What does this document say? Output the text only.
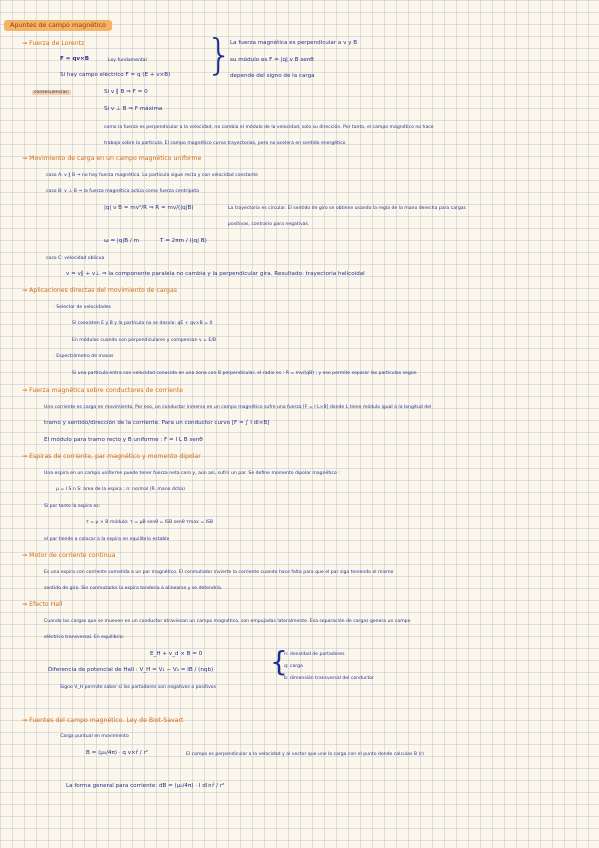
Apuntes de campo magnético
→ Fuerza de Lorentz
F = qv×B	Ley fundamental
Si hay campo eléctrico F = q (E + v×B) }
La fuerza magnética es perpendicular a v y B
su módulo es F = |q| v B senθ
depende del signo de la carga
consecuencias:	Si v ∥ B ⇒ F = 0
Si v ⊥ B ⇒ F máxima
como la fuerza es perpendicular a la velocidad, no cambia el módulo de la velocidad, solo su dirección. Por tanto, el campo magnético no hace
trabajo sobre la partícula. El campo magnético curva trayectorias, pero no acelera en sentido energético
→ Movimiento de carga en un campo magnético uniforme
caso A: v ∥ B ⇒ no hay fuerza magnética. La partícula sigue recta y con velocidad constante
caso B: v ⊥ B ⇒ la fuerza magnética actúa como fuerza centrípeta
|q| v B = mv²/R ⇒ R = mv/(|q|B)	La trayectoria es circular. El sentido de giro se obtiene usando la regla de la mano derecha para cargas
positivas, contrario para negativas.
ω = |q|B / m	T = 2πm / (|q| B)
caso C: velocidad oblicua
v = v∥ + v⊥ ⇒ la componente paralela no cambia y la perpendicular gira. Resultado: trayectoria helicoidal
→ Aplicaciones directas del movimiento de cargas
◦ Selector de velocidades
Si coexisten E y B y la partícula no se desvía: qE + qv×B = 0
En módulos cuando son perpendiculares y compensan v = E/B
◦ Espectrómetro de masas
Si una partícula entra con velocidad conocida en una zona con B perpendicular, el radio es : R = mv/(qB) ; y eso permite separar las partículas según
→ Fuerza magnética sobre conductores de corriente
Una corriente es carga en movimiento. Por eso, un conductor inmerso en un campo magnético sufre una fuerza [F = I L×B] donde L tiene módulo igual a la longitud del
tramo y sentido/dirección de la corriente. Para un conductor curvo [F = ∫ I dl×B]
El módulo para tramo recto y B uniforme : F = I L B senθ
→ Espiras de corriente, par magnético y momento dipolar
Una espira en un campo uniforme puede tener fuerza neta cero y, aún así, sufrir un par. Se define momento dipolar magnético :
μ = I S n S: área de la espira ; n: normal (R. mano dcha)
Si por tanto la espira es:
τ = μ × B módulo: τ = μB senθ = ISB senθ τmax = ISB
el par tiende a colocar a la espira en equilibrio estable
→ Motor de corriente continua
Es una espira con corriente sometida a un par magnético. El conmutador invierte la corriente cuando hace falta para que el par siga teniendo el mismo
sentido de giro. Sin conmutador la espira tendería a alinearse y se detendría.
→ Efecto Hall
Cuando las cargas que se mueven en un conductor atraviesan un campo magnético, son empujadas lateralmente. Esa separación de cargas genera un campo
eléctrico transversal. En equilibrio:
E_H + v_d × B = 0
Diferencia de potencial de Hall : V_H = V₁ − V₂ = IB / (nqb) {
n: densidad de portadores
q: carga
b: dimensión transversal del conductor
Signo V_H permite saber si los portadores son negativos o positivos
→ Fuentes del campo magnético. Ley de Biot-Savart
◦ Carga puntual en movimiento
B = (μ₀/4π) · q v×r̂ / r²	El campo es perpendicular a la velocidad y al vector que une la carga con el punto donde calculas B (r)
La forma general para corriente: dB = (μ₀/4π) · I dl×r̂ / r²
